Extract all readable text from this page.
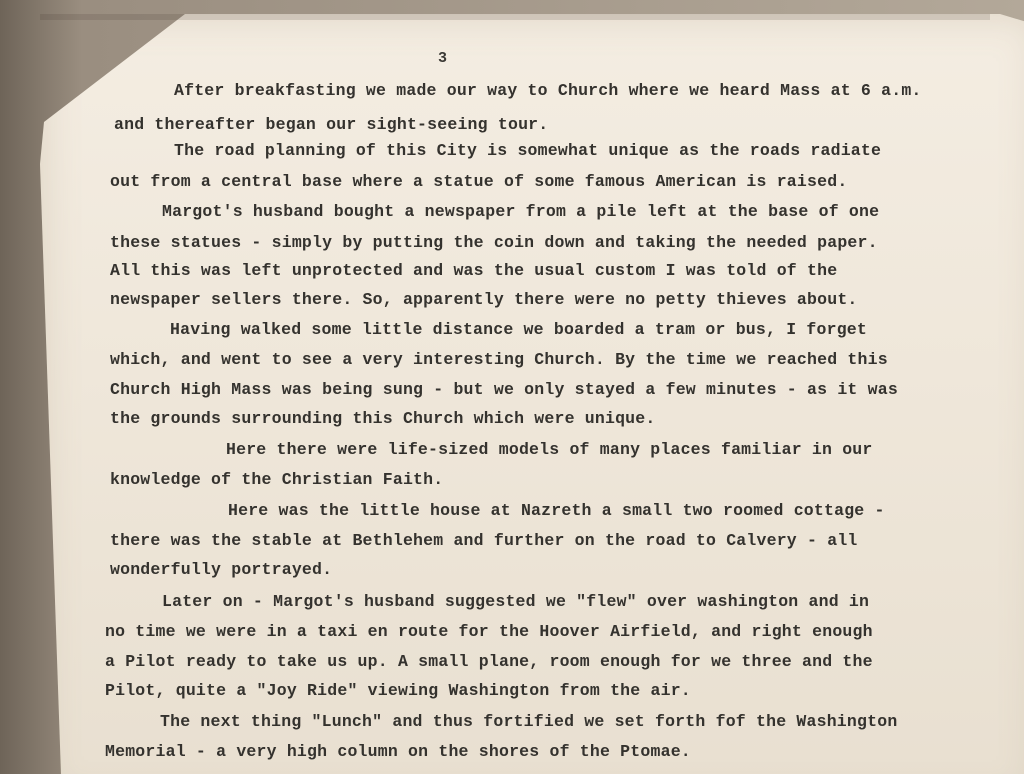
3
After breakfasting we made our way to Church where we heard Mass at 6 a.m.
and thereafter began our sight-seeing tour.
The road planning of this City is somewhat unique as the roads radiate
out from a central base where a statue of some famous American is raised.
Margot's husband bought a newspaper from a pile left at the base of one
these statues - simply by putting the coin down and taking the needed paper.
All this was left unprotected and was the usual custom I was told of the
newspaper sellers there. So, apparently there were no petty thieves about.
Having walked some little distance we boarded a tram or bus, I forget
which, and went to see a very interesting Church. By the time we reached this
Church High Mass was being sung - but we only stayed a few minutes - as it was
the grounds surrounding this Church which were unique.
Here there were life-sized models of many places familiar in our
knowledge of the Christian Faith.
Here was the little house at Nazreth a small two roomed cottage -
there was the stable at Bethlehem and further on the road to Calvery - all
wonderfully portrayed.
Later on - Margot's husband suggested we "flew" over washington and in
no time we were in a taxi en route for the Hoover Airfield, and right enough
a Pilot ready to take us up. A small plane, room enough for we three and the
Pilot, quite a "Joy Ride" viewing Washington from the air.
The next thing "Lunch" and thus fortified we set forth fof the Washington
Memorial - a very high column on the shores of the Ptomae.
